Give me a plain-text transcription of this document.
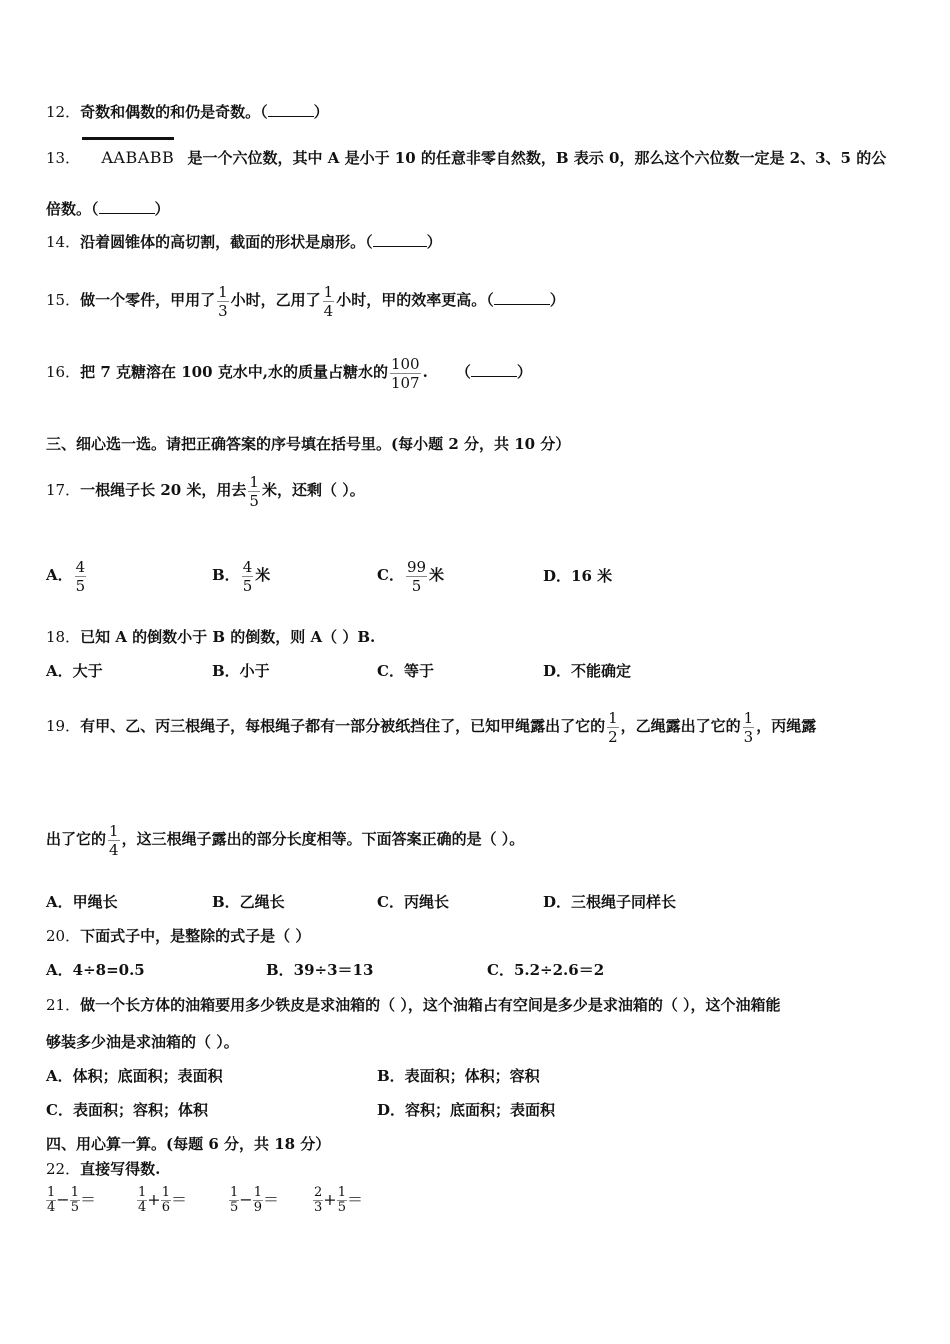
12．奇数和偶数的和仍是奇数。（	）
13． AABABB 是一个六位数，其中 A 是小于 10 的任意非零自然数，B 表示 0，那么这个六位数一定是 2、3、5 的公
倍数。（	）
14．沿着圆锥体的高切割，截面的形状是扇形。（	）
15．做一个零件，甲用了 $\frac{1}{3}$ 小时，乙用了 $\frac{1}{4}$ 小时，甲的效率更高。（	）
16．把 7 克糖溶在 100 克水中,水的质量占糖水的 $\frac{100}{107}$ . （	）
三、细心选一选。请把正确答案的序号填在括号里。(每小题 2 分，共 10 分）
17．一根绳子长 20 米，用去 $\frac{1}{5}$ 米，还剩（ ）。
A． $\frac{4}{5}$	B． $\frac{4}{5}$ 米	C． $\frac{99}{5}$ 米	D．16 米
18．已知 A 的倒数小于 B 的倒数，则 A（ ）B.
A．大于	B．小于	C．等于	D．不能确定
19．有甲、乙、丙三根绳子，每根绳子都有一部分被纸挡住了，已知甲绳露出了它的 $\frac{1}{2}$ ，乙绳露出了它的 $\frac{1}{3}$ ，丙绳露
出了它的 $\frac{1}{4}$ ，这三根绳子露出的部分长度相等。下面答案正确的是（ ）。
A．甲绳长	B．乙绳长	C．丙绳长	D．三根绳子同样长
20．下面式子中，是整除的式子是（ ）
A．4÷8=0.5	B．39÷3＝13	C．5.2÷2.6＝2
21．做一个长方体的油箱要用多少铁皮是求油箱的（ ），这个油箱占有空间是多少是求油箱的（ ），这个油箱能
够装多少油是求油箱的（ ）。
A．体积；底面积；表面积	B．表面积；体积；容积
C．表面积；容积；体积	D．容积；底面积；表面积
四、用心算一算。(每题 6 分，共 18 分）
22．直接写得数.
$\frac{1}{4} - \frac{1}{5}$ ＝	$\frac{1}{4} + \frac{1}{6}$ ＝	$\frac{1}{5} - \frac{1}{9}$ ＝	$\frac{2}{3} + \frac{1}{5}$ ＝
